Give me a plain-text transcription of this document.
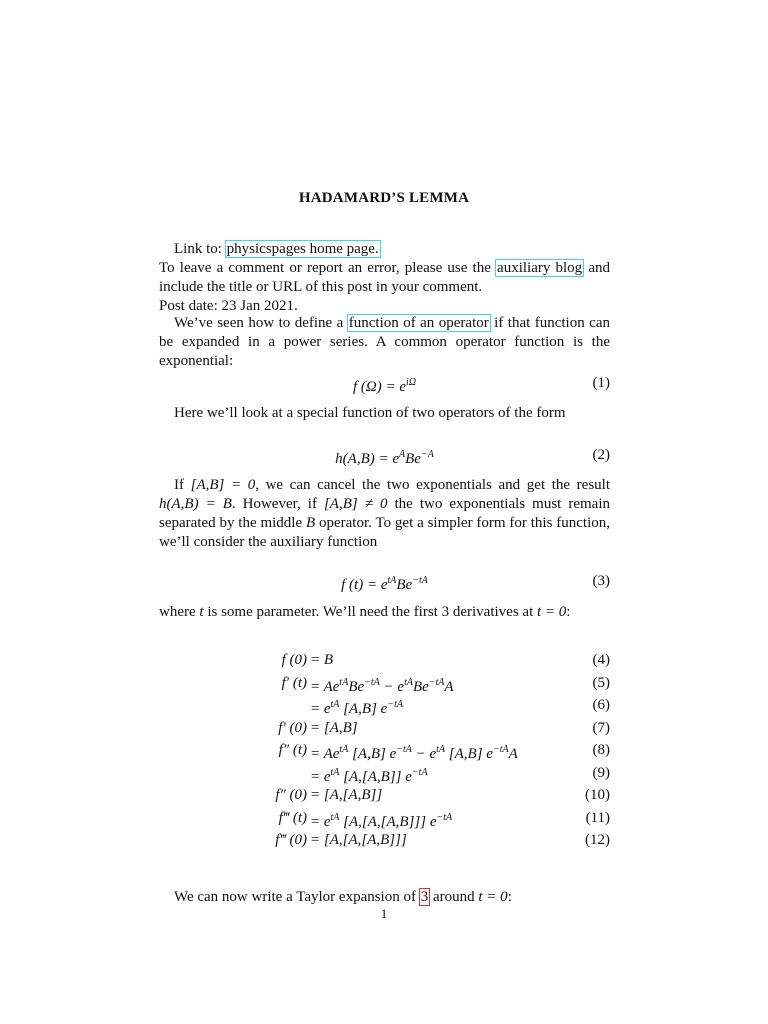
HADAMARD’S LEMMA
Link to: physicspages home page.
To leave a comment or report an error, please use the auxiliary blog and include the title or URL of this post in your comment.
Post date: 23 Jan 2021.
We’ve seen how to define a function of an operator if that function can be expanded in a power series. A common operator function is the exponential:
f $(\Omega) = e^{i\Omega}$	(1)
Here we’ll look at a special function of two operators of the form
$h(A,B) = e^ABe^{-A}$	(2)
If [A,B] = 0, we can cancel the two exponentials and get the result h(A,B) = B. However, if [A,B] ≠ 0 the two exponentials must remain separated by the middle B operator. To get a simpler form for this function, we’ll consider the auxiliary function
f $(t) = e^{tA}Be^{-tA}$	(3)
where t is some parameter. We’ll need the first 3 derivatives at t = 0:
f (0) = B	(4)
f′ $(t) = Ae^{tA}Be^{-tA} - e^{tA}Be^{-tA}A$	(5)
= $e^{tA}$ [A,B] $e^{-tA}$	(6)
f′ (0) = [A,B]	(7)
f″ $(t) = Ae^{tA}$ [A,B] $e^{-tA} - e^{tA}$ [A,B] $e^{-tA}A$	(8)
= $e^{tA}$ [A,[A,B]] $e^{-tA}$	(9)
f″ (0) = [A,[A,B]]	(10)
f‴ $(t) = e^{tA}$ [A,[A,[A,B]]] $e^{-tA}$	(11)
f‴ (0) = [A,[A,[A,B]]]	(12)
We can now write a Taylor expansion of 3 around t = 0:
1
